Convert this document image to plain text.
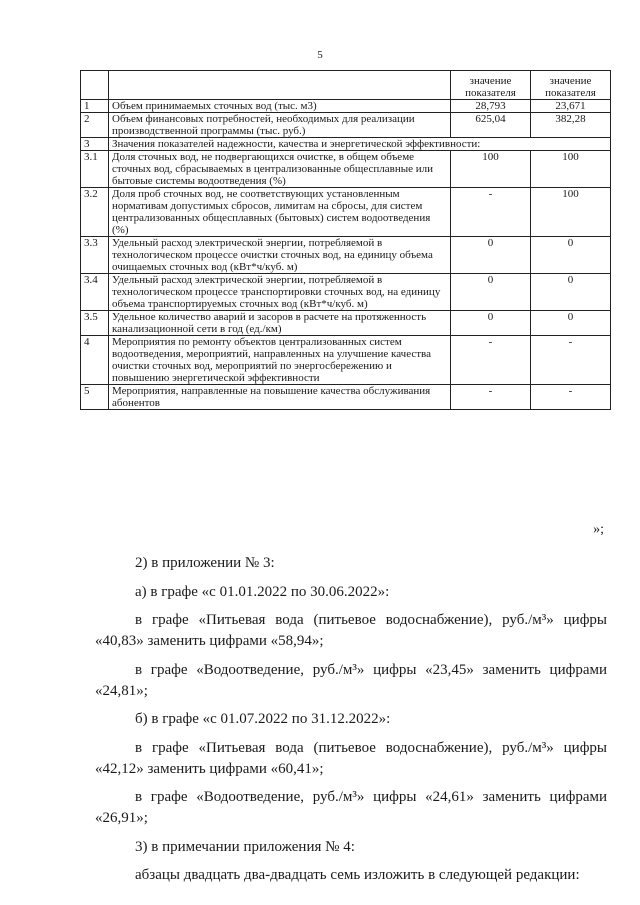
5
		значение показателя	значение показателя
1	Объем принимаемых сточных вод (тыс. м3)	28,793	23,671
2	Объем финансовых потребностей, необходимых для реализации производственной программы (тыс. руб.)	625,04	382,28
3	Значения показателей надежности, качества и энергетической эффективности:		
3.1	Доля сточных вод, не подвергающихся очистке, в общем объеме сточных вод, сбрасываемых в централизованные общесплавные или бытовые системы водоотведения (%)	100	100
3.2	Доля проб сточных вод, не соответствующих установленным нормативам допустимых сбросов, лимитам на сбросы, для систем централизованных общесплавных (бытовых) систем водоотведения (%)	-	100
3.3	Удельный расход электрической энергии, потребляемой в технологическом процессе очистки сточных вод, на единицу объема очищаемых сточных вод (кВт*ч/куб. м)	0	0
3.4	Удельный расход электрической энергии, потребляемой в технологическом процессе транспортировки сточных вод, на единицу объема транспортируемых сточных вод (кВт*ч/куб. м)	0	0
3.5	Удельное количество аварий и засоров в расчете на протяженность канализационной сети в год (ед./км)	0	0
4	Мероприятия по ремонту объектов централизованных систем водоотведения, мероприятий, направленных на улучшение качества очистки сточных вод, мероприятий по энергосбережению и повышению энергетической эффективности	-	-
5	Мероприятия, направленные на повышение качества обслуживания абонентов	-	-
»;

2) в приложении № 3:

а) в графе «с 01.01.2022 по 30.06.2022»:

в графе «Питьевая вода (питьевое водоснабжение), руб./м³» цифры «40,83» заменить цифрами «58,94»;

в графе «Водоотведение, руб./м³» цифры «23,45» заменить цифрами «24,81»;

б) в графе «с 01.07.2022 по 31.12.2022»:

в графе «Питьевая вода (питьевое водоснабжение), руб./м³» цифры «42,12» заменить цифрами «60,41»;

в графе «Водоотведение, руб./м³» цифры «24,61» заменить цифрами «26,91»;

3) в примечании приложения № 4:

абзацы двадцать два-двадцать семь изложить в следующей редакции:
